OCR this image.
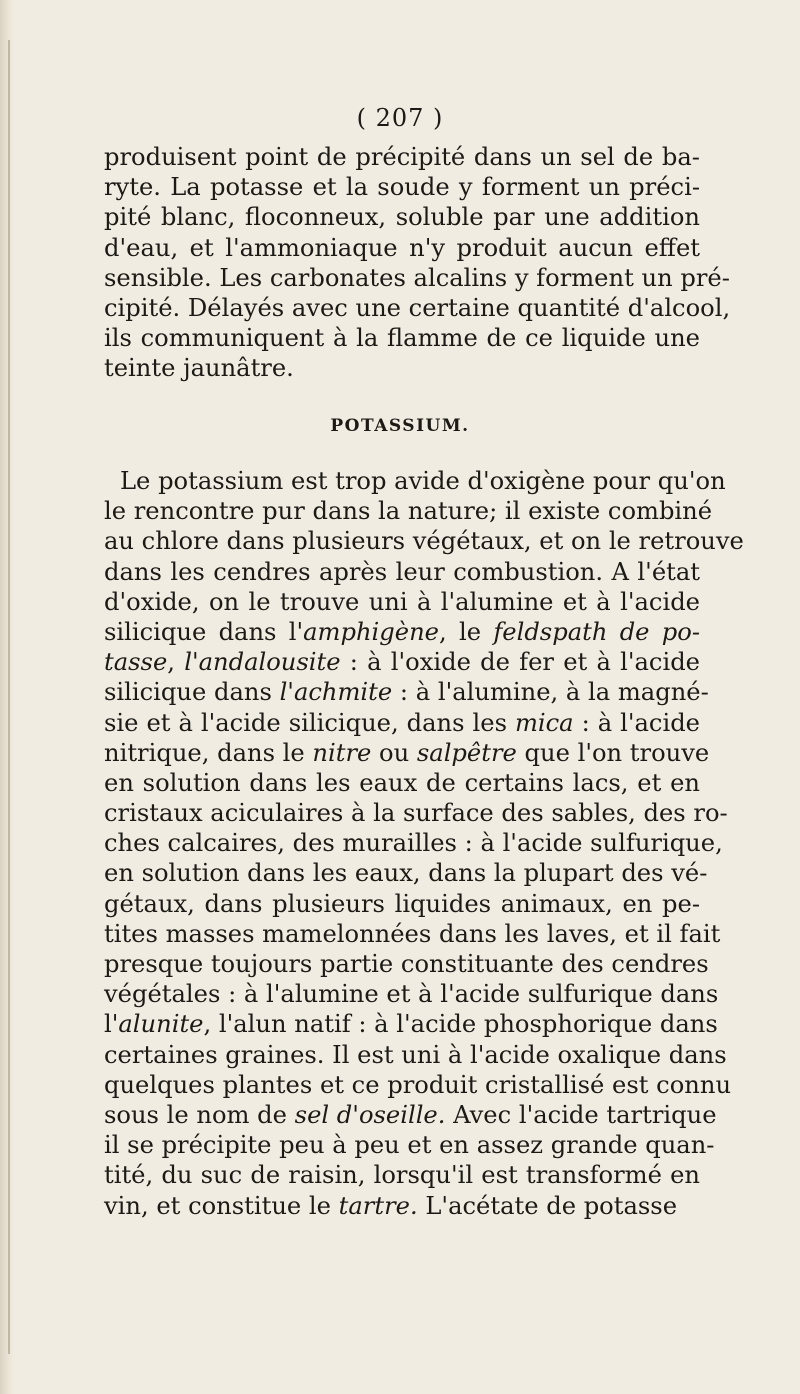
( 207 )
produisent point de précipité dans un sel de ba-
ryte. La potasse et la soude y forment un préci-
pité blanc, floconneux, soluble par une addition
d'eau, et l'ammoniaque n'y produit aucun effet
sensible. Les carbonates alcalins y forment un pré-
cipité. Délayés avec une certaine quantité d'alcool,
ils communiquent à la flamme de ce liquide une
teinte jaunâtre.
POTASSIUM.
Le potassium est trop avide d'oxigène pour qu'on
le rencontre pur dans la nature; il existe combiné
au chlore dans plusieurs végétaux, et on le retrouve
dans les cendres après leur combustion. A l'état
d'oxide, on le trouve uni à l'alumine et à l'acide
silicique dans l'amphigène, le feldspath de po-
tasse, l'andalousite : à l'oxide de fer et à l'acide
silicique dans l'achmite : à l'alumine, à la magné-
sie et à l'acide silicique, dans les mica : à l'acide
nitrique, dans le nitre ou salpêtre que l'on trouve
en solution dans les eaux de certains lacs, et en
cristaux aciculaires à la surface des sables, des ro-
ches calcaires, des murailles : à l'acide sulfurique,
en solution dans les eaux, dans la plupart des vé-
gétaux, dans plusieurs liquides animaux, en pe-
tites masses mamelonnées dans les laves, et il fait
presque toujours partie constituante des cendres
végétales : à l'alumine et à l'acide sulfurique dans
l'alunite, l'alun natif : à l'acide phosphorique dans
certaines graines. Il est uni à l'acide oxalique dans
quelques plantes et ce produit cristallisé est connu
sous le nom de sel d'oseille. Avec l'acide tartrique
il se précipite peu à peu et en assez grande quan-
tité, du suc de raisin, lorsqu'il est transformé en
vin, et constitue le tartre. L'acétate de potasse
